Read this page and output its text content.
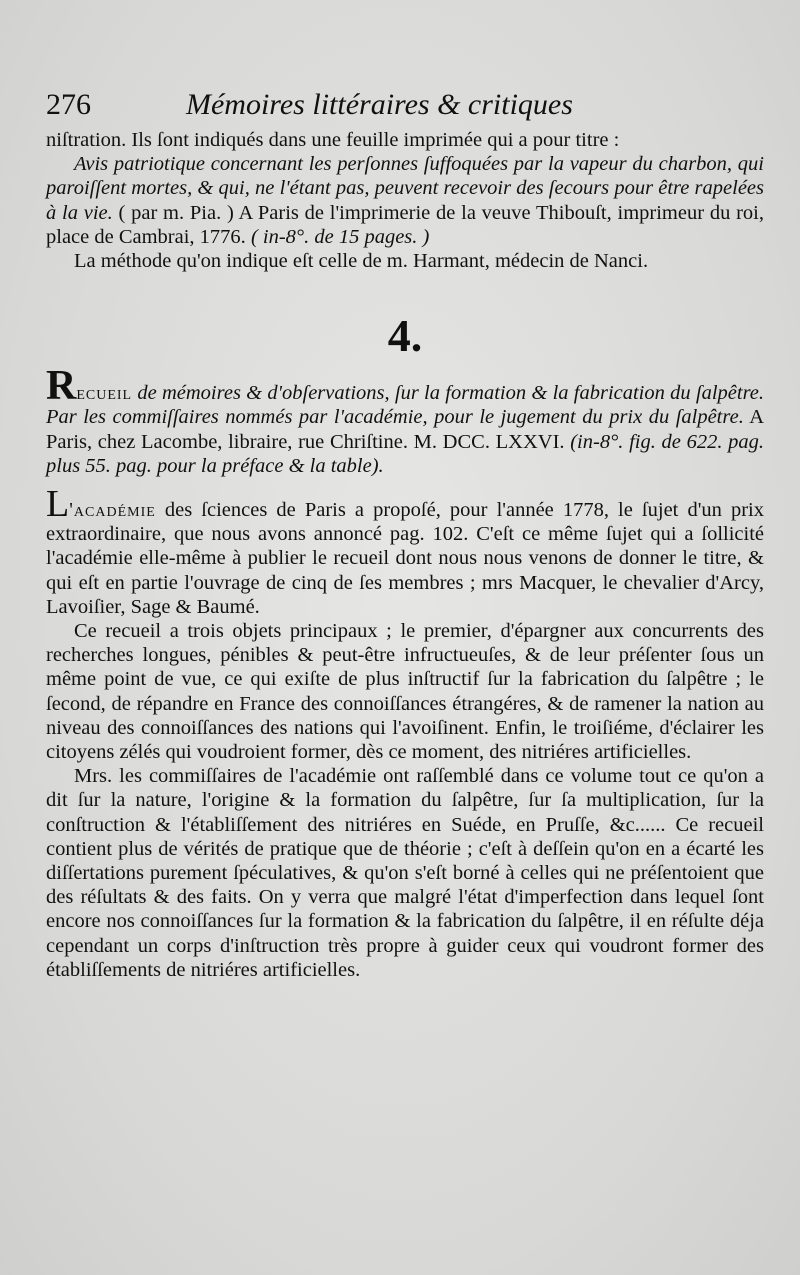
276	Mémoires littéraires & critiques

niſtration. Ils ſont indiqués dans une feuille imprimée qui a pour titre :

Avis patriotique concernant les perſonnes ſuffoquées par la vapeur du charbon, qui paroiſſent mortes, & qui, ne l'étant pas, peuvent recevoir des ſecours pour être rapelées à la vie. ( par m. Pia. ) A Paris de l'imprimerie de la veuve Thibouſt, imprimeur du roi, place de Cambrai, 1776. ( in-8°. de 15 pages. )

La méthode qu'on indique eſt celle de m. Harmant, médecin de Nanci.

4.

Recueil de mémoires & d'obſervations, ſur la formation & la fabrication du ſalpêtre. Par les commiſſaires nommés par l'académie, pour le jugement du prix du ſalpêtre. A Paris, chez Lacombe, libraire, rue Chriſtine. M. DCC. LXXVI. (in-8°. fig. de 622. pag. plus 55. pag. pour la préface & la table).

L'académie des ſciences de Paris a propoſé, pour l'année 1778, le ſujet d'un prix extraordinaire, que nous avons annoncé pag. 102. C'eſt ce même ſujet qui a ſollicité l'académie elle-même à publier le recueil dont nous nous venons de donner le titre, & qui eſt en partie l'ouvrage de cinq de ſes membres ; mrs Macquer, le chevalier d'Arcy, Lavoiſier, Sage & Baumé.

Ce recueil a trois objets principaux ; le premier, d'épargner aux concurrents des recherches longues, pénibles & peut-être infructueuſes, & de leur préſenter ſous un même point de vue, ce qui exiſte de plus inſtructif ſur la fabrication du ſalpêtre ; le ſecond, de répandre en France des connoiſſances étrangéres, & de ramener la nation au niveau des connoiſſances des nations qui l'avoiſinent. Enfin, le troiſiéme, d'éclairer les citoyens zélés qui voudroient former, dès ce moment, des nitriéres artificielles.

Mrs. les commiſſaires de l'académie ont raſſemblé dans ce volume tout ce qu'on a dit ſur la nature, l'origine & la formation du ſalpêtre, ſur ſa multiplication, ſur la conſtruction & l'établiſſement des nitriéres en Suéde, en Pruſſe, &c...... Ce recueil contient plus de vérités de pratique que de théorie ; c'eſt à deſſein qu'on en a écarté les diſſertations purement ſpéculatives, & qu'on s'eſt borné à celles qui ne préſentoient que des réſultats & des faits. On y verra que malgré l'état d'imperfection dans lequel ſont encore nos connoiſſances ſur la formation & la fabrication du ſalpêtre, il en réſulte déja cependant un corps d'inſtruction très propre à guider ceux qui voudront former des établiſſements de nitriéres artificielles.
